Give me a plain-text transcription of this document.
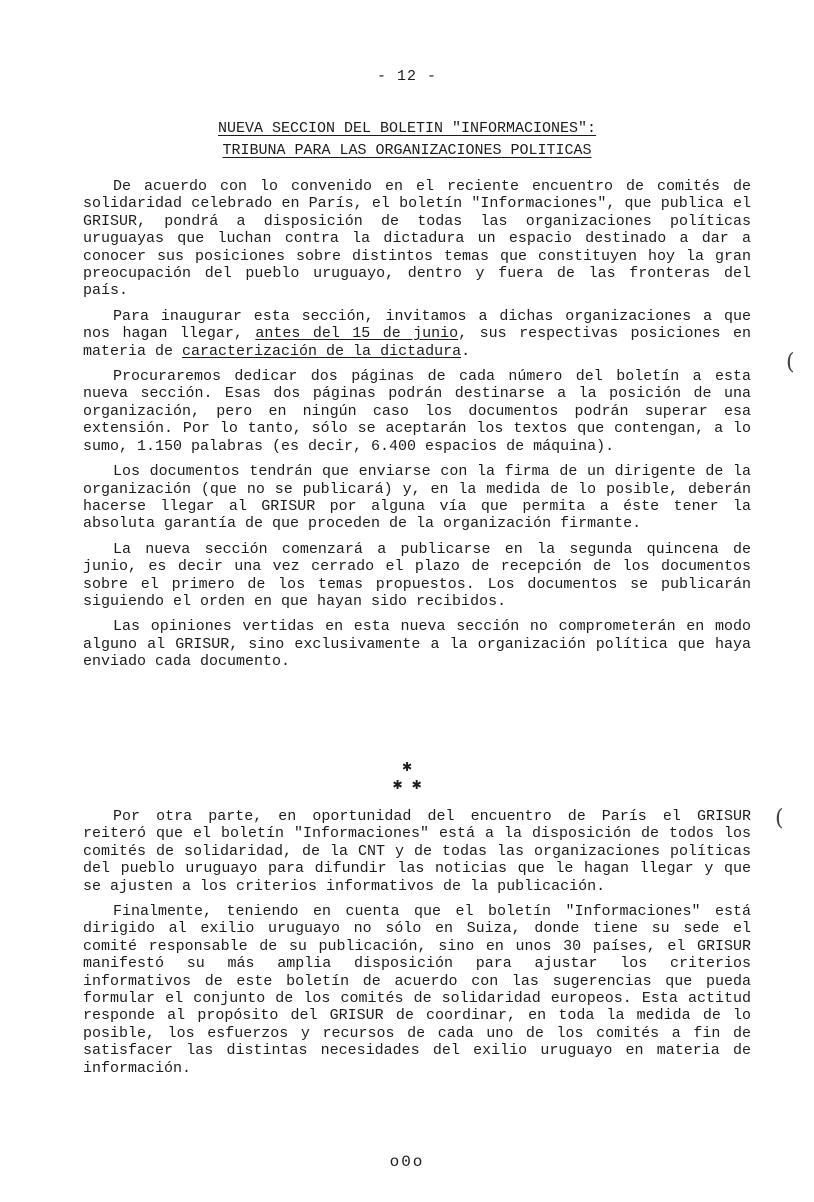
- 12 -
NUEVA SECCION DEL BOLETIN "INFORMACIONES":
TRIBUNA PARA LAS ORGANIZACIONES POLITICAS

De acuerdo con lo convenido en el reciente encuentro de comités de solidaridad celebrado en París, el boletín "Informaciones", que publica el GRISUR, pondrá a disposición de todas las organizaciones políticas uruguayas que luchan contra la dictadura un espacio destinado a dar a conocer sus posiciones sobre distintos temas que constituyen hoy la gran preocupación del pueblo uruguayo, dentro y fuera de las fronteras del país.

Para inaugurar esta sección, invitamos a dichas organizaciones a que nos hagan llegar, antes del 15 de junio, sus respectivas posiciones en materia de caracterización de la dictadura.

Procuraremos dedicar dos páginas de cada número del boletín a esta nueva sección. Esas dos páginas podrán destinarse a la posición de una organización, pero en ningún caso los documentos podrán superar esa extensión. Por lo tanto, sólo se aceptarán los textos que contengan, a lo sumo, 1.150 palabras (es decir, 6.400 espacios de máquina).

Los documentos tendrán que enviarse con la firma de un dirigente de la organización (que no se publicará) y, en la medida de lo posible, deberán hacerse llegar al GRISUR por alguna vía que permita a éste tener la absoluta garantía de que proceden de la organización firmante.

La nueva sección comenzará a publicarse en la segunda quincena de junio, es decir una vez cerrado el plazo de recepción de los documentos sobre el primero de los temas propuestos. Los documentos se publicarán siguiendo el orden en que hayan sido recibidos.

Las opiniones vertidas en esta nueva sección no comprometerán en modo alguno al GRISUR, sino exclusivamente a la organización política que haya enviado cada documento.

(
✱
✱ ✱

Por otra parte, en oportunidad del encuentro de París el GRISUR reiteró que el boletín "Informaciones" está a la disposición de todos los comités de solidaridad, de la CNT y de todas las organizaciones políticas del pueblo uruguayo para difundir las noticias que le hagan llegar y que se ajusten a los criterios informativos de la publicación.

Finalmente, teniendo en cuenta que el boletín "Informaciones" está dirigido al exilio uruguayo no sólo en Suiza, donde tiene su sede el comité responsable de su publicación, sino en unos 30 países, el GRISUR manifestó su más amplia disposición para ajustar los criterios informativos de este boletín de acuerdo con las sugerencias que pueda formular el conjunto de los comités de solidaridad europeos. Esta actitud responde al propósito del GRISUR de coordinar, en toda la medida de lo posible, los esfuerzos y recursos de cada uno de los comités a fin de satisfacer las distintas necesidades del exilio uruguayo en materia de información.

(
o0o
